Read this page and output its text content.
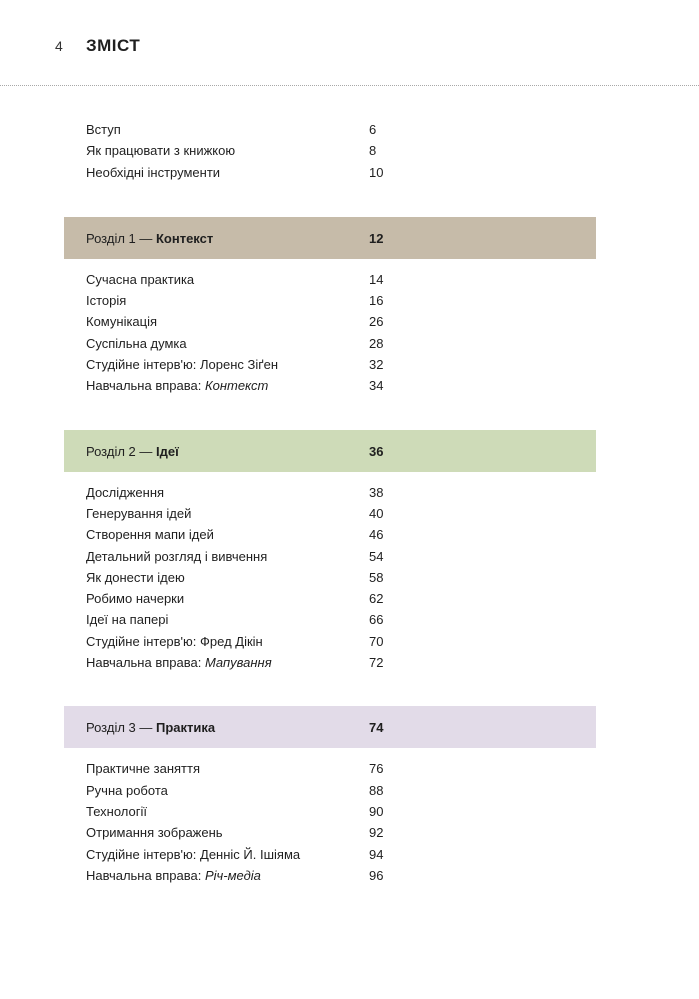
4 ЗМІСТ
Вступ	6
Як працювати з книжкою	8
Необхідні інструменти	10
Розділ 1 — Контекст	12
Сучасна практика	14
Історія	16
Комунікація	26
Суспільна думка	28
Студійне інтерв'ю: Лоренс Зіґен	32
Навчальна вправа: Контекст	34
Розділ 2 — Ідеї	36
Дослідження	38
Генерування ідей	40
Створення мапи ідей	46
Детальний розгляд і вивчення	54
Як донести ідею	58
Робимо начерки	62
Ідеї на папері	66
Студійне інтерв'ю: Фред Дікін	70
Навчальна вправа: Мапування	72
Розділ 3 — Практика	74
Практичне заняття	76
Ручна робота	88
Технології	90
Отримання зображень	92
Студійне інтерв'ю: Денніс Й. Ішіяма	94
Навчальна вправа: Річ-медіа	96
